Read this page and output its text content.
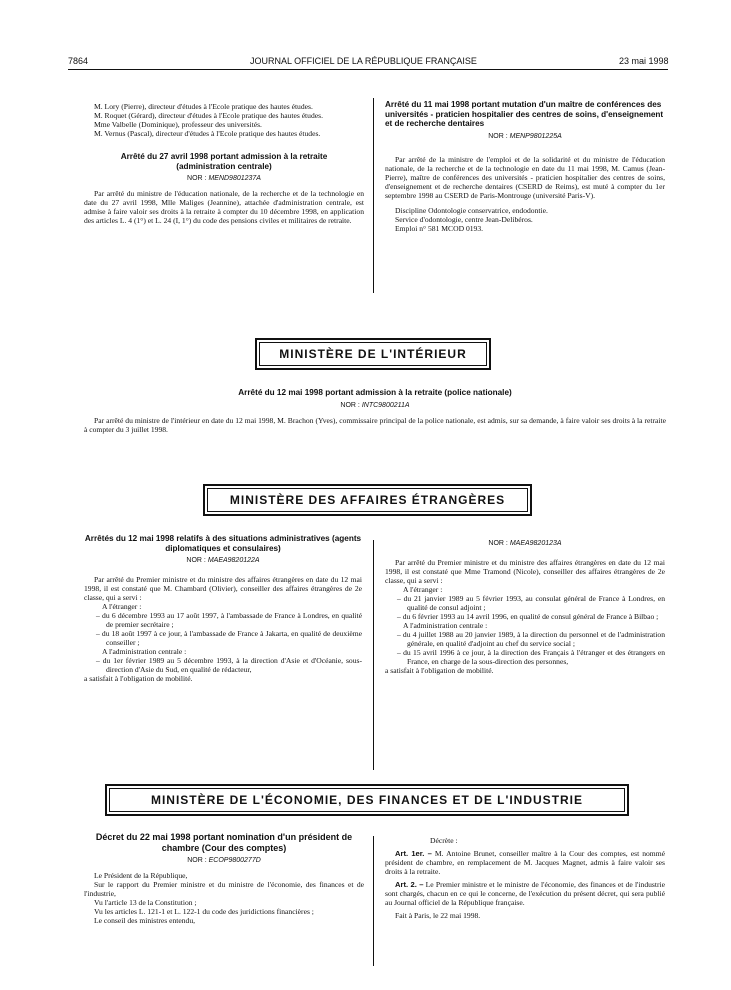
7864	JOURNAL OFFICIEL DE LA RÉPUBLIQUE FRANÇAISE	23 mai 1998

M. Lory (Pierre), directeur d'études à l'Ecole pratique des hautes études.

M. Roquet (Gérard), directeur d'études à l'Ecole pratique des hautes études.

Mme Valbelle (Dominique), professeur des universités.

M. Vernus (Pascal), directeur d'études à l'Ecole pratique des hautes études.

Arrêté du 27 avril 1998 portant admission à la retraite (administration centrale)
NOR : MEND9801237A

Par arrêté du ministre de l'éducation nationale, de la recherche et de la technologie en date du 27 avril 1998, Mlle Maliges (Jeannine), attachée d'administration centrale, est admise à faire valoir ses droits à la retraite à compter du 10 décembre 1998, en application des articles L. 4 (1°) et L. 24 (I, 1°) du code des pensions civiles et militaires de retraite.

Arrêté du 11 mai 1998 portant mutation d'un maître de conférences des universités - praticien hospitalier des centres de soins, d'enseignement et de recherche dentaires
NOR : MENP9801225A

Par arrêté de la ministre de l'emploi et de la solidarité et du ministre de l'éducation nationale, de la recherche et de la technologie en date du 11 mai 1998, M. Camus (Jean-Pierre), maître de conférences des universités - praticien hospitalier des centres de soins, d'enseignement et de recherche dentaires (CSERD de Reims), est muté à compter du 1er septembre 1998 au CSERD de Paris-Montrouge (université Paris-V).

Discipline Odontologie conservatrice, endodontie.

Service d'odontologie, centre Jean-Delibéros.

Emploi n° 581 MCOD 0193.

MINISTÈRE DE L'INTÉRIEUR
Arrêté du 12 mai 1998 portant admission à la retraite (police nationale)
NOR : INTC9800211A

Par arrêté du ministre de l'intérieur en date du 12 mai 1998, M. Brachon (Yves), commissaire principal de la police nationale, est admis, sur sa demande, à faire valoir ses droits à la retraite à compter du 3 juillet 1998.

MINISTÈRE DES AFFAIRES ÉTRANGÈRES
Arrêtés du 12 mai 1998 relatifs à des situations administratives (agents diplomatiques et consulaires)
NOR : MAEA9820122A

Par arrêté du Premier ministre et du ministre des affaires étrangères en date du 12 mai 1998, il est constaté que M. Chambard (Olivier), conseiller des affaires étrangères de 2e classe, qui a servi :

A l'étranger :

– du 6 décembre 1993 au 17 août 1997, à l'ambassade de France à Londres, en qualité de premier secrétaire ;

– du 18 août 1997 à ce jour, à l'ambassade de France à Jakarta, en qualité de deuxième conseiller ;

A l'administration centrale :

– du 1er février 1989 au 5 décembre 1993, à la direction d'Asie et d'Océanie, sous-direction d'Asie du Sud, en qualité de rédacteur,

a satisfait à l'obligation de mobilité.

NOR : MAEA9820123A

Par arrêté du Premier ministre et du ministre des affaires étrangères en date du 12 mai 1998, il est constaté que Mme Tramond (Nicole), conseiller des affaires étrangères de 2e classe, qui a servi :

A l'étranger :

– du 21 janvier 1989 au 5 février 1993, au consulat général de France à Londres, en qualité de consul adjoint ;

– du 6 février 1993 au 14 avril 1996, en qualité de consul général de France à Bilbao ;

A l'administration centrale :

– du 4 juillet 1988 au 20 janvier 1989, à la direction du personnel et de l'administration générale, en qualité d'adjoint au chef du service social ;

– du 15 avril 1996 à ce jour, à la direction des Français à l'étranger et des étrangers en France, en charge de la sous-direction des personnes,

a satisfait à l'obligation de mobilité.

MINISTÈRE DE L'ÉCONOMIE, DES FINANCES ET DE L'INDUSTRIE
Décret du 22 mai 1998 portant nomination d'un président de chambre (Cour des comptes)
NOR : ECOP9800277D

Le Président de la République,

Sur le rapport du Premier ministre et du ministre de l'économie, des finances et de l'industrie,

Vu l'article 13 de la Constitution ;

Vu les articles L. 121-1 et L. 122-1 du code des juridictions financières ;

Le conseil des ministres entendu,

Décrète :

Art. 1er. – M. Antoine Brunet, conseiller maître à la Cour des comptes, est nommé président de chambre, en remplacement de M. Jacques Magnet, admis à faire valoir ses droits à la retraite.

Art. 2. – Le Premier ministre et le ministre de l'économie, des finances et de l'industrie sont chargés, chacun en ce qui le concerne, de l'exécution du présent décret, qui sera publié au Journal officiel de la République française.

Fait à Paris, le 22 mai 1998.
